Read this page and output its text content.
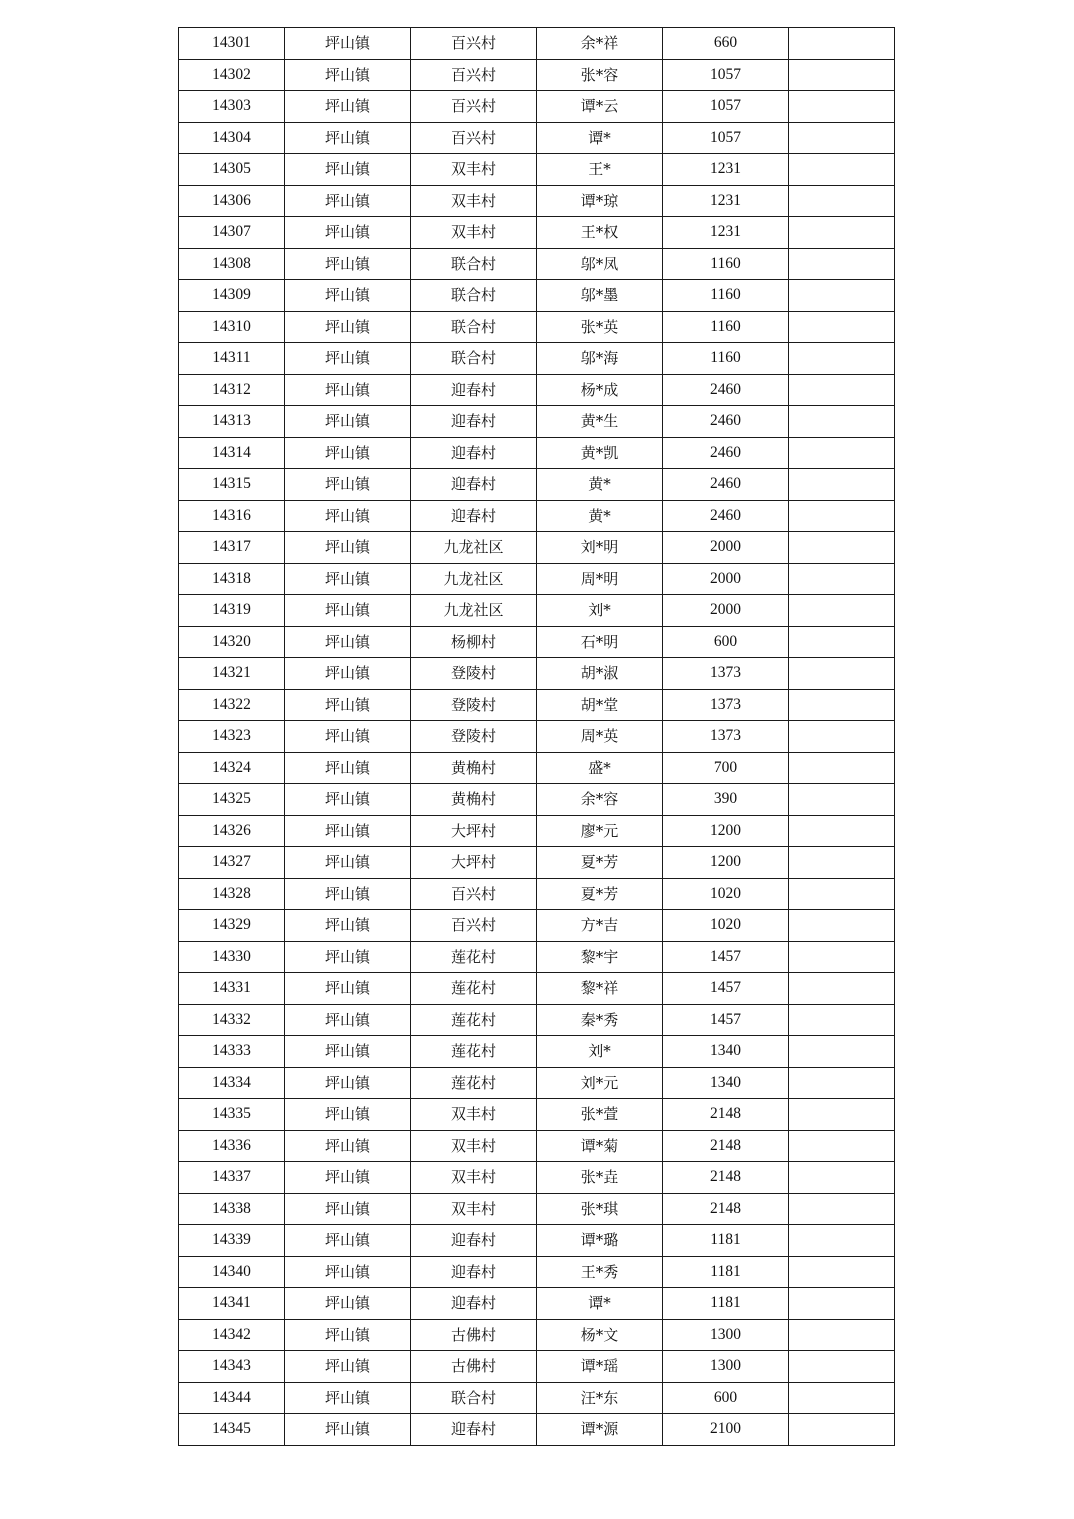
14301	坪山镇	百兴村	余*祥	660	
14302	坪山镇	百兴村	张*容	1057	
14303	坪山镇	百兴村	谭*云	1057	
14304	坪山镇	百兴村	谭*	1057	
14305	坪山镇	双丰村	王*	1231	
14306	坪山镇	双丰村	谭*琼	1231	
14307	坪山镇	双丰村	王*权	1231	
14308	坪山镇	联合村	邬*凤	1160	
14309	坪山镇	联合村	邬*墨	1160	
14310	坪山镇	联合村	张*英	1160	
14311	坪山镇	联合村	邬*海	1160	
14312	坪山镇	迎春村	杨*成	2460	
14313	坪山镇	迎春村	黄*生	2460	
14314	坪山镇	迎春村	黄*凯	2460	
14315	坪山镇	迎春村	黄*	2460	
14316	坪山镇	迎春村	黄*	2460	
14317	坪山镇	九龙社区	刘*明	2000	
14318	坪山镇	九龙社区	周*明	2000	
14319	坪山镇	九龙社区	刘*	2000	
14320	坪山镇	杨柳村	石*明	600	
14321	坪山镇	登陵村	胡*淑	1373	
14322	坪山镇	登陵村	胡*堂	1373	
14323	坪山镇	登陵村	周*英	1373	
14324	坪山镇	黄桷村	盛*	700	
14325	坪山镇	黄桷村	余*容	390	
14326	坪山镇	大坪村	廖*元	1200	
14327	坪山镇	大坪村	夏*芳	1200	
14328	坪山镇	百兴村	夏*芳	1020	
14329	坪山镇	百兴村	方*吉	1020	
14330	坪山镇	莲花村	黎*宇	1457	
14331	坪山镇	莲花村	黎*祥	1457	
14332	坪山镇	莲花村	秦*秀	1457	
14333	坪山镇	莲花村	刘*	1340	
14334	坪山镇	莲花村	刘*元	1340	
14335	坪山镇	双丰村	张*萱	2148	
14336	坪山镇	双丰村	谭*菊	2148	
14337	坪山镇	双丰村	张*垚	2148	
14338	坪山镇	双丰村	张*琪	2148	
14339	坪山镇	迎春村	谭*璐	1181	
14340	坪山镇	迎春村	王*秀	1181	
14341	坪山镇	迎春村	谭*	1181	
14342	坪山镇	古佛村	杨*文	1300	
14343	坪山镇	古佛村	谭*瑶	1300	
14344	坪山镇	联合村	汪*东	600	
14345	坪山镇	迎春村	谭*源	2100	
